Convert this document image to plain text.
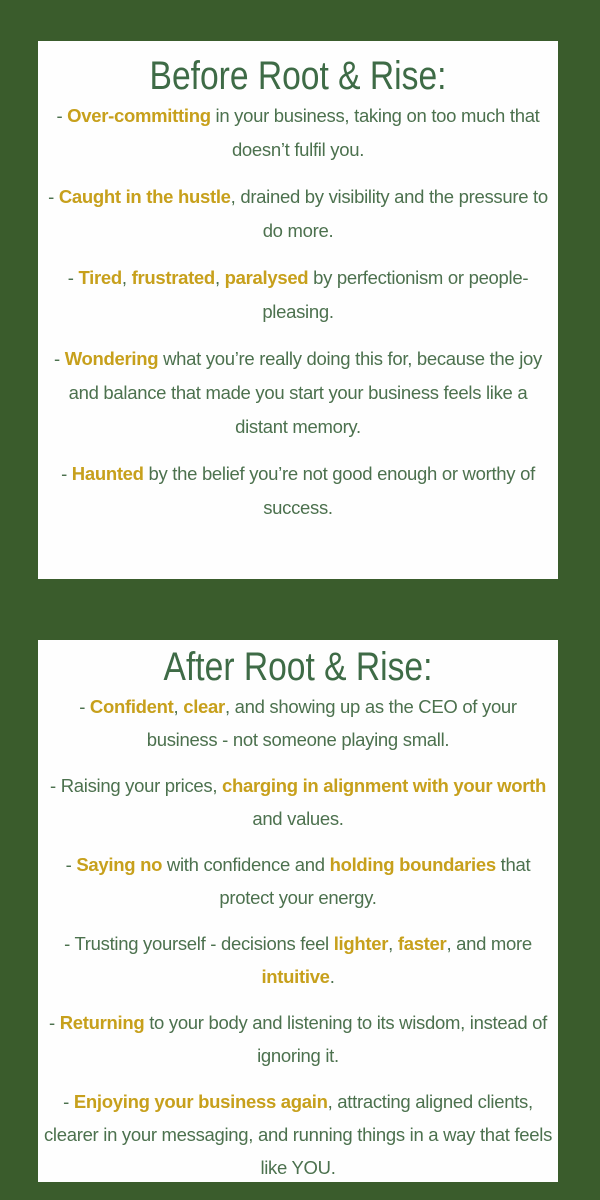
Before Root & Rise:

- Over-committing in your business, taking on too much that doesn’t fulfil you.

- Caught in the hustle, drained by visibility and the pressure to do more.

- Tired, frustrated, paralysed by perfectionism or people-pleasing.

- Wondering what you’re really doing this for, because the joy and balance that made you start your business feels like a distant memory.

- Haunted by the belief you’re not good enough or worthy of success.

After Root & Rise:

- Confident, clear, and showing up as the CEO of your business - not someone playing small.

- Raising your prices, charging in alignment with your worth and values.

- Saying no with confidence and holding boundaries that protect your energy.

- Trusting yourself - decisions feel lighter, faster, and more intuitive.

- Returning to your body and listening to its wisdom, instead of ignoring it.

- Enjoying your business again, attracting aligned clients, clearer in your messaging, and running things in a way that feels like YOU.
